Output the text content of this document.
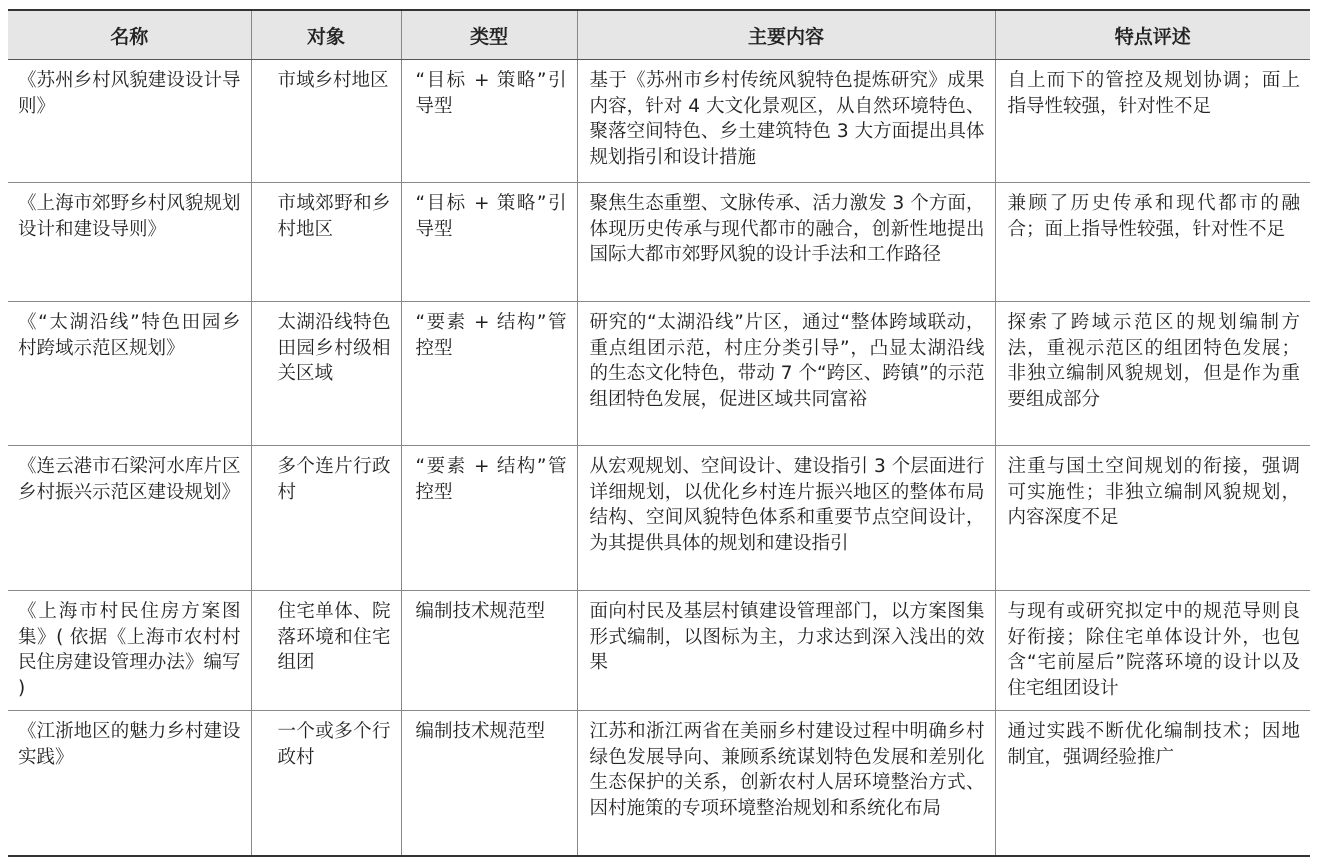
名称	对象	类型	主要内容	特点评述
《苏州乡村风貌建设设计导则》	市域乡村地区	“目标 + 策略”引导型	基于《苏州市乡村传统风貌特色提炼研究》成果内容，针对 4 大文化景观区，从自然环境特色、聚落空间特色、乡土建筑特色 3 大方面提出具体规划指引和设计措施	自上而下的管控及规划协调；面上指导性较强，针对性不足
《上海市郊野乡村风貌规划设计和建设导则》	市域郊野和乡村地区	“目标 + 策略”引导型	聚焦生态重塑、文脉传承、活力激发 3 个方面，体现历史传承与现代都市的融合，创新性地提出国际大都市郊野风貌的设计手法和工作路径	兼顾了历史传承和现代都市的融合；面上指导性较强，针对性不足
《“太湖沿线”特色田园乡村跨域示范区规划》	太湖沿线特色田园乡村级相关区域	“要素 + 结构”管控型	研究的“太湖沿线”片区，通过“整体跨域联动，重点组团示范，村庄分类引导”，凸显太湖沿线的生态文化特色，带动 7 个“跨区、跨镇”的示范组团特色发展，促进区域共同富裕	探索了跨域示范区的规划编制方法，重视示范区的组团特色发展；非独立编制风貌规划，但是作为重要组成部分
《连云港市石梁河水库片区乡村振兴示范区建设规划》	多个连片行政村	“要素 + 结构”管控型	从宏观规划、空间设计、建设指引 3 个层面进行详细规划，以优化乡村连片振兴地区的整体布局结构、空间风貌特色体系和重要节点空间设计，为其提供具体的规划和建设指引	注重与国土空间规划的衔接，强调可实施性；非独立编制风貌规划，内容深度不足
《上海市村民住房方案图集》( 依据《上海市农村村民住房建设管理办法》编写 )	住宅单体、院落环境和住宅组团	编制技术规范型	面向村民及基层村镇建设管理部门，以方案图集形式编制，以图标为主，力求达到深入浅出的效果	与现有或研究拟定中的规范导则良好衔接；除住宅单体设计外，也包含“宅前屋后”院落环境的设计以及住宅组团设计
《江浙地区的魅力乡村建设实践》	一个或多个行政村	编制技术规范型	江苏和浙江两省在美丽乡村建设过程中明确乡村绿色发展导向、兼顾系统谋划特色发展和差别化生态保护的关系，创新农村人居环境整治方式、因村施策的专项环境整治规划和系统化布局	通过实践不断优化编制技术；因地制宜，强调经验推广
